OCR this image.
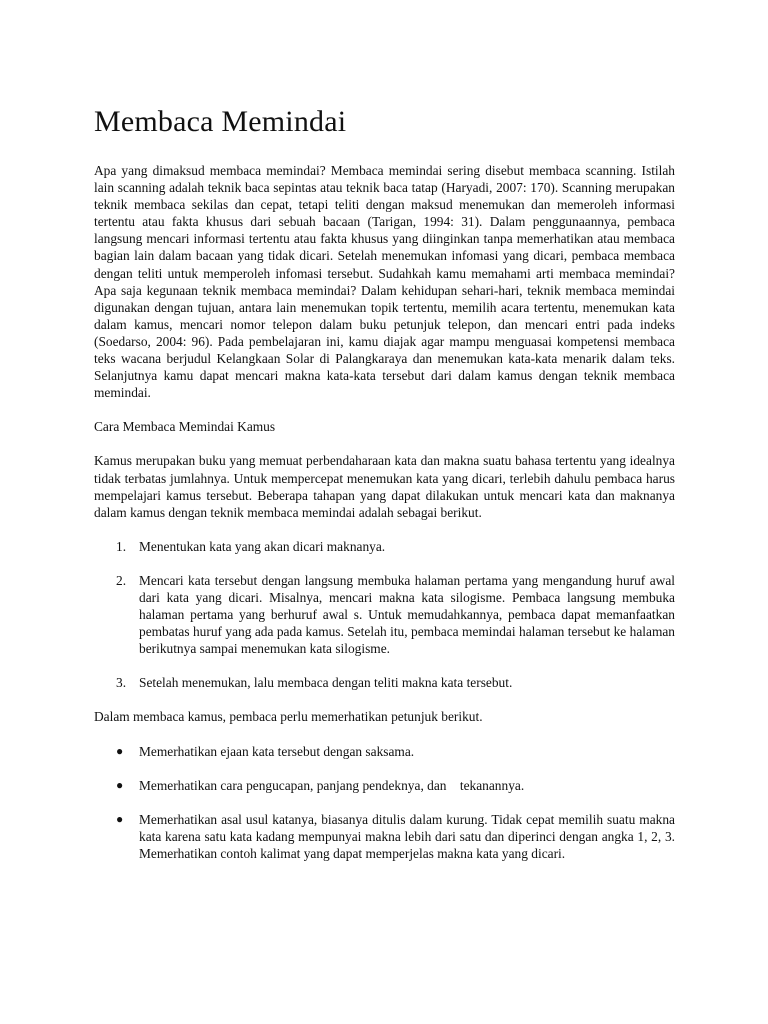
Membaca Memindai

Apa yang dimaksud membaca memindai? Membaca memindai sering disebut membaca scanning. Istilah lain scanning adalah teknik baca sepintas atau teknik baca tatap (Haryadi, 2007: 170). Scanning merupakan teknik membaca sekilas dan cepat, tetapi teliti dengan maksud menemukan dan memeroleh informasi tertentu atau fakta khusus dari sebuah bacaan (Tarigan, 1994: 31). Dalam penggunaannya, pembaca langsung mencari informasi tertentu atau fakta khusus yang diinginkan tanpa memerhatikan atau membaca bagian lain dalam bacaan yang tidak dicari. Setelah menemukan infomasi yang dicari, pembaca membaca dengan teliti untuk memperoleh infomasi tersebut. Sudahkah kamu memahami arti membaca memindai? Apa saja kegunaan teknik membaca memindai? Dalam kehidupan sehari-hari, teknik membaca memindai digunakan dengan tujuan, antara lain menemukan topik tertentu, memilih acara tertentu, menemukan kata dalam kamus, mencari nomor telepon dalam buku petunjuk telepon, dan mencari entri pada indeks (Soedarso, 2004: 96). Pada pembelajaran ini, kamu diajak agar mampu menguasai kompetensi membaca teks wacana berjudul Kelangkaan Solar di Palangkaraya dan menemukan kata-kata menarik dalam teks. Selanjutnya kamu dapat mencari makna kata-kata tersebut dari dalam kamus dengan teknik membaca memindai.

Cara Membaca Memindai Kamus

Kamus merupakan buku yang memuat perbendaharaan kata dan makna suatu bahasa tertentu yang idealnya tidak terbatas jumlahnya. Untuk mempercepat menemukan kata yang dicari, terlebih dahulu pembaca harus mempelajari kamus tersebut. Beberapa tahapan yang dapat dilakukan untuk mencari kata dan maknanya dalam kamus dengan teknik membaca memindai adalah sebagai berikut.

1. Menentukan kata yang akan dicari maknanya.
2. Mencari kata tersebut dengan langsung membuka halaman pertama yang mengandung huruf awal dari kata yang dicari. Misalnya, mencari makna kata silogisme. Pembaca langsung membuka halaman pertama yang berhuruf awal s. Untuk memudahkannya, pembaca dapat memanfaatkan pembatas huruf yang ada pada kamus. Setelah itu, pembaca memindai halaman tersebut ke halaman berikutnya sampai menemukan kata silogisme.
3. Setelah menemukan, lalu membaca dengan teliti makna kata tersebut.

Dalam membaca kamus, pembaca perlu memerhatikan petunjuk berikut.

● Memerhatikan ejaan kata tersebut dengan saksama.
● Memerhatikan cara pengucapan, panjang pendeknya, dan    tekanannya.
● Memerhatikan asal usul katanya, biasanya ditulis dalam kurung. Tidak cepat memilih suatu makna kata karena satu kata kadang mempunyai makna lebih dari satu dan diperinci dengan angka 1, 2, 3. Memerhatikan contoh kalimat yang dapat memperjelas makna kata yang dicari.
